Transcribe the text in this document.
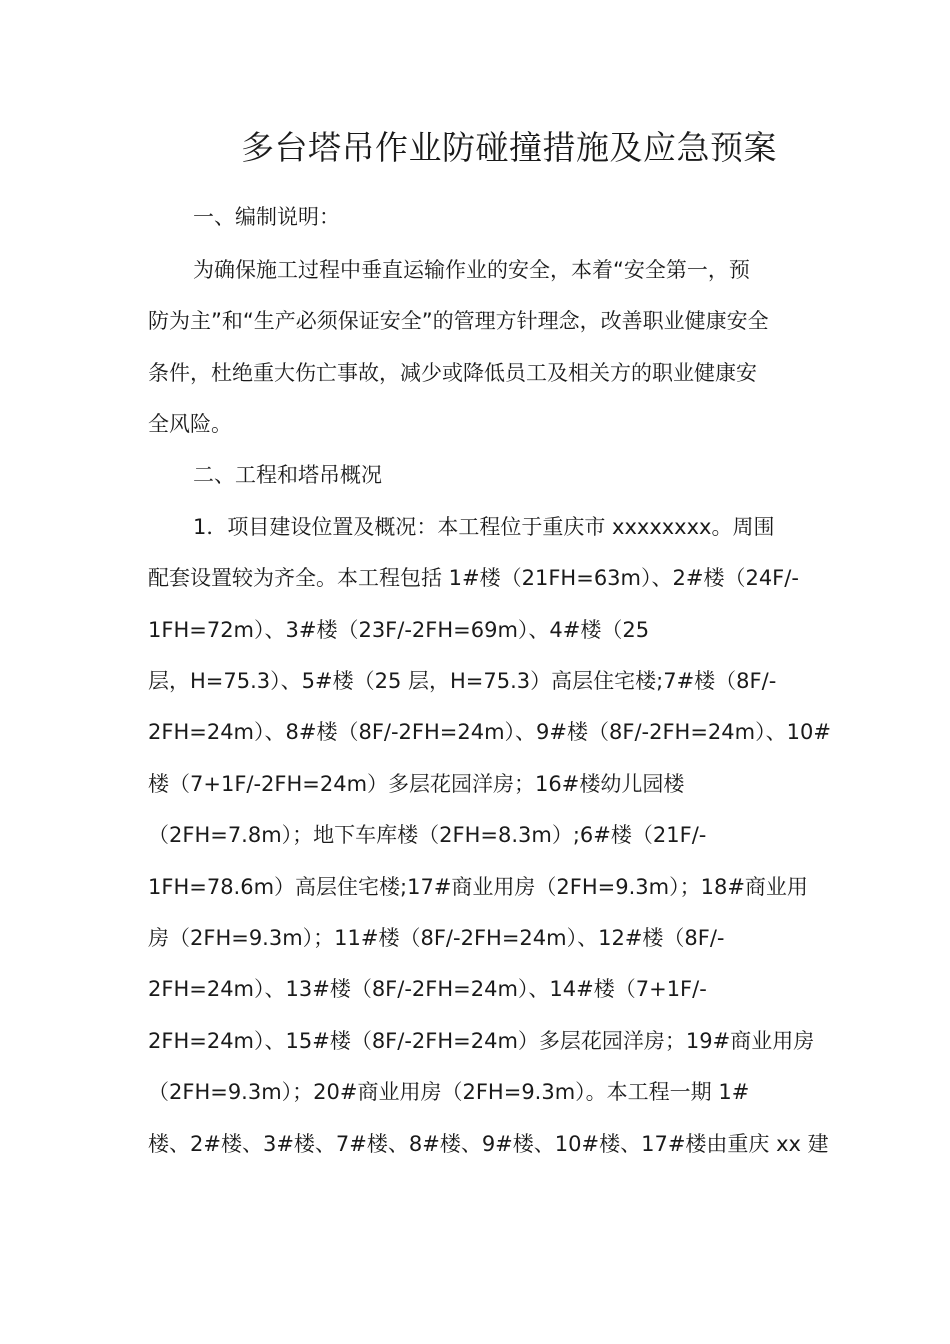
多台塔吊作业防碰撞措施及应急预案
一、编制说明：
为确保施工过程中垂直运输作业的安全，本着“安全第一，预
防为主”和“生产必须保证安全”的管理方针理念，改善职业健康安全
条件，杜绝重大伤亡事故，减少或降低员工及相关方的职业健康安
全风险。
二、工程和塔吊概况
1．项目建设位置及概况：本工程位于重庆市 xxxxxxxx。周围
配套设置较为齐全。本工程包括 1#楼（21FH=63m）、2#楼（24F/-
1FH=72m）、3#楼（23F/-2FH=69m）、4#楼（25
层，H=75.3）、5#楼（25 层，H=75.3）高层住宅楼;7#楼（8F/-
2FH=24m）、8#楼（8F/-2FH=24m）、9#楼（8F/-2FH=24m）、10#
楼（7+1F/-2FH=24m）多层花园洋房；16#楼幼儿园楼
（2FH=7.8m）；地下车库楼（2FH=8.3m）;6#楼（21F/-
1FH=78.6m）高层住宅楼;17#商业用房（2FH=9.3m）；18#商业用
房（2FH=9.3m）；11#楼（8F/-2FH=24m）、12#楼（8F/-
2FH=24m）、13#楼（8F/-2FH=24m）、14#楼（7+1F/-
2FH=24m）、15#楼（8F/-2FH=24m）多层花园洋房；19#商业用房
（2FH=9.3m）；20#商业用房（2FH=9.3m）。本工程一期 1#
楼、2#楼、3#楼、7#楼、8#楼、9#楼、10#楼、17#楼由重庆 xx 建
